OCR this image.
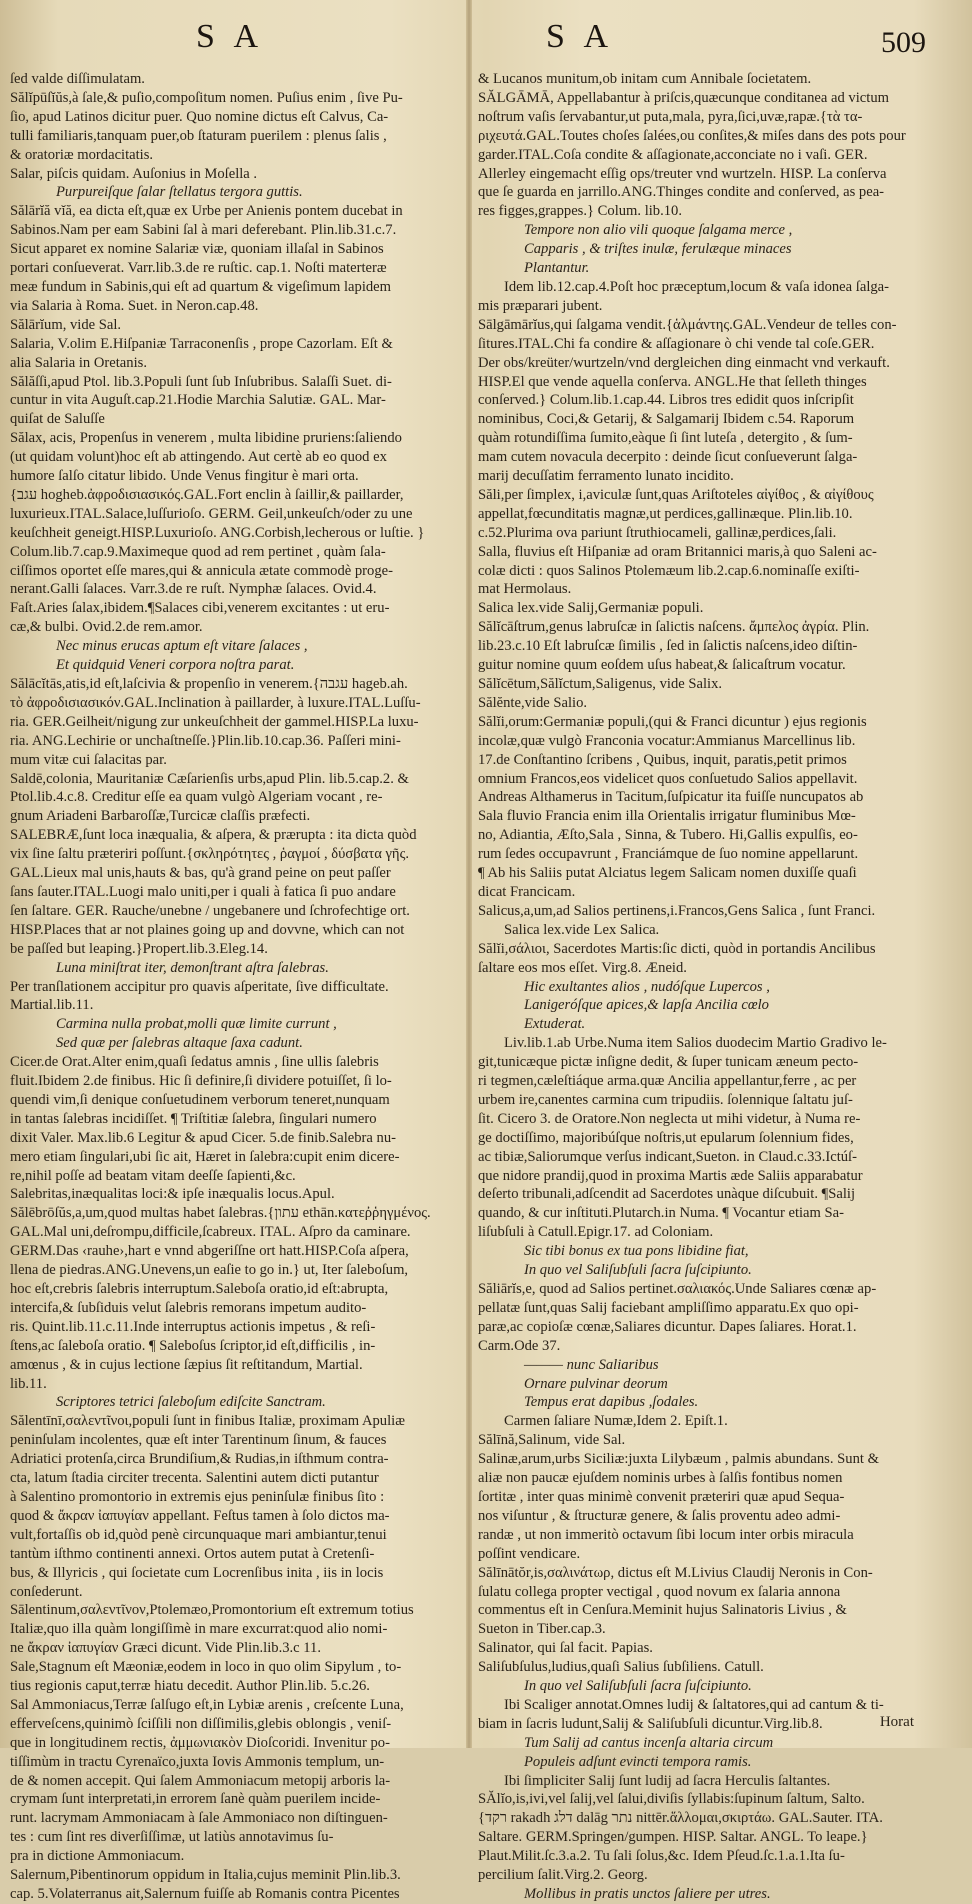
S A	S A	509
ſed valde diſſimulatam.
Sălĭpūſĭŭs,à ſale,& puſio,compoſitum nomen. Puſius enim , ſive Pu-
ſio, apud Latinos dicitur puer. Quo nomine dictus eſt Calvus, Ca-
tulli familiaris,tanquam puer,ob ſtaturam puerilem : plenus ſalis ,
& oratoriæ mordacitatis.
Salar, piſcis quidam. Auſonius in Moſella .
Purpureiſque ſalar ſtellatus tergora guttis.
Sălārĭă vĭă, ea dicta eſt,quæ ex Urbe per Anienis pontem ducebat in
Sabinos.Nam per eam Sabini ſal à mari deferebant. Plin.lib.31.c.7.
Sicut apparet ex nomine Salariæ viæ, quoniam illaſal in Sabinos
portari conſueverat. Varr.lib.3.de re ruſtic. cap.1. Noſti materteræ
meæ fundum in Sabinis,qui eſt ad quartum & vigeſimum lapidem
via Salaria à Roma. Suet. in Neron.cap.48.
Sălārĭum, vide Sal.
Salaria, V.olim E.Hiſpaniæ Tarraconenſis , prope Cazorlam. Eſt &
alia Salaria in Oretanis.
Sălăſſi,apud Ptol. lib.3.Populi ſunt ſub Inſubribus. Salaſſi Suet. di-
cuntur in vita Auguſt.cap.21.Hodie Marchia Salutiæ. GAL. Mar-
quiſat de Saluſſe
Sălax, acis, Propenſus in venerem , multa libidine pruriens:ſaliendo
(ut quidam volunt)hoc eſt ab attingendo. Aut certè ab eo quod ex
humore ſalſo citatur libido. Unde Venus fingitur è mari orta.
{עגב hogheb.ἀφροδισιασικός.GAL.Fort enclin à ſaillir,& paillarder,
luxurieux.ITAL.Salace,luſſurioſo. GERM. Geil,unkeuſch/oder zu une
keuſchheit geneigt.HISP.Luxurioſo. ANG.Corbish,lecherous or luſtie. }
Colum.lib.7.cap.9.Maximeque quod ad rem pertinet , quàm ſala-
ciſſimos oportet eſſe mares,qui & annicula ætate commodè proge-
nerant.Galli ſalaces. Varr.3.de re ruſt. Nymphæ ſalaces. Ovid.4.
Faſt.Aries ſalax,ibidem.¶Salaces cibi,venerem excitantes : ut eru-
cæ,& bulbi. Ovid.2.de rem.amor.
Nec minus erucas aptum eſt vitare ſalaces ,
Et quidquid Veneri corpora noſtra parat.
Sălācĭtās,atis,id eſt,laſcivia & propenſio in venerem.{עגבה hageb.ah.
τὸ ἀφροδισιασικόν.GAL.Inclination à paillarder, à luxure.ITAL.Luſſu-
ria. GER.Geilheit/nigung zur unkeuſchheit der gammel.HISP.La luxu-
ria. ANG.Lechirie or unchaſtneſſe.}Plin.lib.10.cap.36. Paſſeri mini-
mum vitæ cui ſalacitas par.
Saldē,colonia, Mauritaniæ Cæſarienſis urbs,apud Plin. lib.5.cap.2. &
Ptol.lib.4.c.8. Creditur eſſe ea quam vulgò Algeriam vocant , re-
gnum Ariadeni Barbaroſſæ,Turcicæ claſſis præfecti.
SALEBRÆ,ſunt loca inæqualia, & aſpera, & prærupta : ita dicta quòd
vix ſine ſaltu præteriri poſſunt.{σκληρότητες , ῥαγμοί , δύσβατα γῆς.
GAL.Lieux mal unis,hauts & bas, qu'à grand peine on peut paſſer
ſans ſauter.ITAL.Luogi malo uniti,per i quali à fatica ſi puo andare
ſen ſaltare. GER. Rauche/unebne / ungebanere und ſchrofechtige ort.
HISP.Places that ar not plaines going up and dovvne, which can not
be paſſed but leaping.}Propert.lib.3.Eleg.14.
Luna miniſtrat iter, demonſtrant aſtra ſalebras.
Per tranſlationem accipitur pro quavis aſperitate, ſive difficultate.
Martial.lib.11.
Carmina nulla probat,molli quæ limite currunt ,
Sed quæ per ſalebras altaque ſaxa cadunt.
Cicer.de Orat.Alter enim,quaſi ſedatus amnis , ſine ullis ſalebris
fluit.Ibidem 2.de finibus. Hic ſi definire,ſi dividere potuiſſet, ſi lo-
quendi vim,ſi denique conſuetudinem verborum teneret,nunquam
in tantas ſalebras incidiſſet. ¶ Triſtitiæ ſalebra, ſingulari numero
dixit Valer. Max.lib.6 Legitur & apud Cicer. 5.de finib.Salebra nu-
mero etiam ſingulari,ubi ſic ait, Hæret in ſalebra:cupit enim dicere-
re,nihil poſſe ad beatam vitam deeſſe ſapienti,&c.
Salebritas,inæqualitas loci:& ipſe inæqualis locus.Apul.
Sălēbrōſŭs,a,um,quod multas habet ſalebras.{עתון ethān.κατεῤῥηγμένος.
GAL.Mal uni,deſrompu,difficile,ſcabreux. ITAL. Aſpro da caminare.
GERM.Das ‹rauhe›,hart e vnnd abgeriſſne ort hatt.HISP.Coſa aſpera,
llena de piedras.ANG.Unevens,un eaſie to go in.} ut, Iter ſaleboſum,
hoc eſt,crebris ſalebris interruptum.Saleboſa oratio,id eſt:abrupta,
intercifa,& ſubſiduis velut ſalebris remorans impetum audito-
ris. Quint.lib.11.c.11.Inde interruptus actionis impetus , & reſi-
ſtens,ac ſaleboſa oratio. ¶ Saleboſus ſcriptor,id eſt,difficilis , in-
amœnus , & in cujus lectione ſæpius ſit reſtitandum, Martial.
lib.11.
Scriptores tetrici ſaleboſum ediſcite Sanctram.
Sălentīnī,σαλεντῖνοι,populi ſunt in finibus Italiæ, proximam Apuliæ
peninſulam incolentes, quæ eſt inter Tarentinum ſinum, & fauces
Adriatici protenſa,circa Brundiſium,& Rudias,in iſthmum contra-
cta, latum ſtadia circiter trecenta. Salentini autem dicti putantur
à Salentino promontorio in extremis ejus peninſulæ finibus ſito :
quod & ἄκραν ἰαπυγίαν appellant. Feſtus tamen à ſolo dictos ma-
vult,fortaſſis ob id,quòd penè circunquaque mari ambiantur,tenui
tantùm iſthmo continenti annexi. Ortos autem putat à Cretenſi-
bus, & Illyricis , qui ſocietate cum Locrenſibus inita , iis in locis
conſederunt.
Sālentinum,σαλεντῖνον,Ptolemæo,Promontorium eſt extremum totius
Italiæ,quo illa quàm longiſſimè in mare excurrat:quod alio nomi-
ne ἄκραν ἰαπυγίαν Græci dicunt. Vide Plin.lib.3.c 11.
Sale,Stagnum eſt Mæoniæ,eodem in loco in quo olim Sipylum , to-
tius regionis caput,terræ hiatu decedit. Author Plin.lib. 5.c.26.
Sal Ammoniacus,Terræ ſalſugo eſt,in Lybiæ arenis , creſcente Luna,
efferveſcens,quinimò ſciſſili non diſſimilis,glebis oblongis , veniſ-
que in longitudinem rectis, ἀμμωνιακὸν Dioſcoridi. Invenitur po-
tiſſimùm in tractu Cyrenaïco,juxta Iovis Ammonis templum, un-
de & nomen accepit. Qui ſalem Ammoniacum metopij arboris la-
crymam ſunt interpretati,in errorem ſanè quàm puerilem incide-
runt. lacrymam Ammoniacam à ſale Ammoniaco non diſtinguen-
tes : cum ſint res diverſiſſimæ, ut latiùs annotavimus ſu-
pra in dictione Ammoniacum.
Salernum,Pibentinorum oppidum in Italia,cujus meminit Plin.lib.3.
cap. 5.Volaterranus ait,Salernum fuiſſe ab Romanis contra Picentes
& Lucanos munitum,ob initam cum Annibale ſocietatem.
SĂLGĀMĀ, Appellabantur à priſcis,quæcunque conditanea ad victum
noſtrum vaſis ſervabantur,ut puta,mala, pyra,ſici,uvæ,rapæ.{τὰ τα-
ριχευτά.GAL.Toutes choſes ſalées,ou conſites,& miſes dans des pots pour
garder.ITAL.Coſa condite & aſſagionate,acconciate no i vaſi. GER.
Allerley eingemacht eſſig ops/treuter vnd wurtzeln. HISP. La conſerva
que ſe guarda en jarrillo.ANG.Thinges condite and conſerved, as pea-
res figges,grappes.} Colum. lib.10.
Tempore non alio vili quoque ſalgama merce ,
Capparis , & triſtes inulæ, ferulæque minaces
Plantantur.
Idem lib.12.cap.4.Poſt hoc præceptum,locum & vaſa idonea ſalga-
mis præparari jubent.
Sālgāmārĭus,qui ſalgama vendit.{ἁλμάντης.GAL.Vendeur de telles con-
ſitures.ITAL.Chi fa condire & aſſagionare ò chi vende tal coſe.GER.
Der obs/kreüter/wurtzeln/vnd dergleichen ding einmacht vnd verkauft.
HISP.El que vende aquella conſerva. ANGL.He that ſelleth thinges
conſerved.} Colum.lib.1.cap.44. Libros tres edidit quos inſcripſit
nominibus, Coci,& Getarij, & Salgamarij Ibidem c.54. Raporum
quàm rotundiſſima ſumito,eàque ſi ſint luteſa , detergito , & ſum-
mam cutem novacula decerpito : deinde ſicut conſueverunt ſalga-
marij decuſſatim ferramento lunato incidito.
Săli,per ſimplex, i,aviculæ ſunt,quas Ariſtoteles αἰγίθος , & αἰγίθους
appellat,fœcunditatis magnæ,ut perdices,gallinæque. Plin.lib.10.
c.52.Plurima ova pariunt ſtruthiocameli, gallinæ,perdices,ſali.
Salla, fluvius eſt Hiſpaniæ ad oram Britannici maris,à quo Saleni ac-
colæ dicti : quos Salinos Ptolemæum lib.2.cap.6.nominaſſe exiſti-
mat Hermolaus.
Salica lex.vide Salij,Germaniæ populi.
Sălĭcāſtrum,genus labruſcæ in ſalictis naſcens. ἄμπελος ἀγρία. Plin.
lib.23.c.10 Eſt labruſcæ ſimilis , ſed in ſalictis naſcens,ideo diſtin-
guitur nomine quum eoſdem uſus habeat,& ſalicaſtrum vocatur.
Sălĭcētum,Sălĭctum,Saligenus, vide Salix.
Sălĕnte,vide Salio.
Sălĭi,orum:Germaniæ populi,(qui & Franci dicuntur ) ejus regionis
incolæ,quæ vulgò Franconia vocatur:Ammianus Marcellinus lib.
17.de Conſtantino ſcribens , Quibus, inquit, paratis,petit primos
omnium Francos,eos videlicet quos conſuetudo Salios appellavit.
Andreas Althamerus in Tacitum,ſuſpicatur ita fuiſſe nuncupatos ab
Sala fluvio Francia enim illa Orientalis irrigatur fluminibus Mœ-
no, Adiantia, Æſto,Sala , Sinna, & Tubero. Hi,Gallis expulſis, eo-
rum ſedes occupavrunt , Franciámque de ſuo nomine appellarunt.
¶ Ab his Saliis putat Alciatus legem Salicam nomen duxiſſe quaſi
dicat Francicam.
Salicus,a,um,ad Salios pertinens,i.Francos,Gens Salica , ſunt Franci.
Salica lex.vide Lex Salica.
Sălĭi,σάλιοι, Sacerdotes Martis:ſic dicti, quòd in portandis Ancilibus
ſaltare eos mos eſſet. Virg.8. Æneid.
Hic exultantes alios , nudóſque Lupercos ,
Lanigeróſque apices,& lapſa Ancilia cœlo
Extuderat.
Liv.lib.1.ab Urbe.Numa item Salios duodecim Martio Gradivo le-
git,tunicæque pictæ inſigne dedit, & ſuper tunicam æneum pecto-
ri tegmen,cæleſtiáque arma.quæ Ancilia appellantur,ferre , ac per
urbem ire,canentes carmina cum tripudiis. ſolennique ſaltatu juſ-
ſit. Cicero 3. de Oratore.Non neglecta ut mihi videtur, à Numa re-
ge doctiſſimo, majoribúſque noſtris,ut epularum ſolennium fides,
ac tibiæ,Saliorumque verſus indicant,Sueton. in Claud.c.33.Ictúſ-
que nidore prandij,quod in proxima Martis æde Saliis apparabatur
deſerto tribunali,adſcendit ad Sacerdotes unàque diſcubuit. ¶Salij
quando, & cur inſtituti.Plutarch.in Numa. ¶ Vocantur etiam Sa-
liſubſuli à Catull.Epigr.17. ad Coloniam.
Sic tibi bonus ex tua pons libidine fiat,
In quo vel Saliſubſuli ſacra ſuſcipiunto.
Săliārĭs,e, quod ad Salios pertinet.σαλιακός.Unde Saliares cœnæ ap-
pellatæ ſunt,quas Salij faciebant ampliſſimo apparatu.Ex quo opi-
paræ,ac copioſæ cœnæ,Saliares dicuntur. Dapes ſaliares. Horat.1.
Carm.Ode 37.
——— nunc Saliaribus
Ornare pulvinar deorum
Tempus erat dapibus ,ſodales.
Carmen ſaliare Numæ,Idem 2. Epiſt.1.
Sălīnă,Salinum, vide Sal.
Salinæ,arum,urbs Siciliæ:juxta Lilybæum , palmis abundans. Sunt &
aliæ non paucæ ejuſdem nominis urbes à ſalſis fontibus nomen
ſortitæ , inter quas minimè convenit præteriri quæ apud Sequa-
nos viſuntur , & ſtructuræ genere, & ſalis proventu adeo admi-
randæ , ut non immeritò octavum ſibi locum inter orbis miracula
poſſint vendicare.
Sălīnātŏr,is,σαλινάτωρ, dictus eſt M.Livius Claudij Neronis in Con-
ſulatu collega propter vectigal , quod novum ex ſalaria annona
commentus eſt in Cenſura.Meminit hujus Salinatoris Livius , &
Sueton in Tiber.cap.3.
Salinator, qui ſal facit. Papias.
Saliſubſulus,ludius,quaſi Salius ſubſiliens. Catull.
In quo vel Saliſubſuli ſacra ſuſcipiunto.
Ibi Scaliger annotat.Omnes ludij & ſaltatores,qui ad cantum & ti-
biam in ſacris ludunt,Salij & Saliſubſuli dicuntur.Virg.lib.8.
Tum Salij ad cantus incenſa altaria circum
Populeis adſunt evincti tempora ramis.
Ibi ſimpliciter Salij ſunt ludij ad ſacra Herculis ſaltantes.
SĂlĭo,is,ivi,vel ſalij,vel ſalui,divi‌ſis ſyllabis:ſupinum ſaltum, Salto.
{רקד rakadh דלג dalāg נתר nittēr.ἅλλομαι,σκιρτάω. GAL.Sauter. ITA.
Saltare. GERM.Springen/gumpen. HISP. Saltar. ANGL. To leape.}
Plaut.Milit.ſc.3.a.2. Tu ſali ſolus,&c. Idem Pſeud.ſc.1.a.1.Ita ſu-
percilium ſalit.Virg.2. Georg.
Mollibus in pratis unctos ſaliere per utres.
Horat
